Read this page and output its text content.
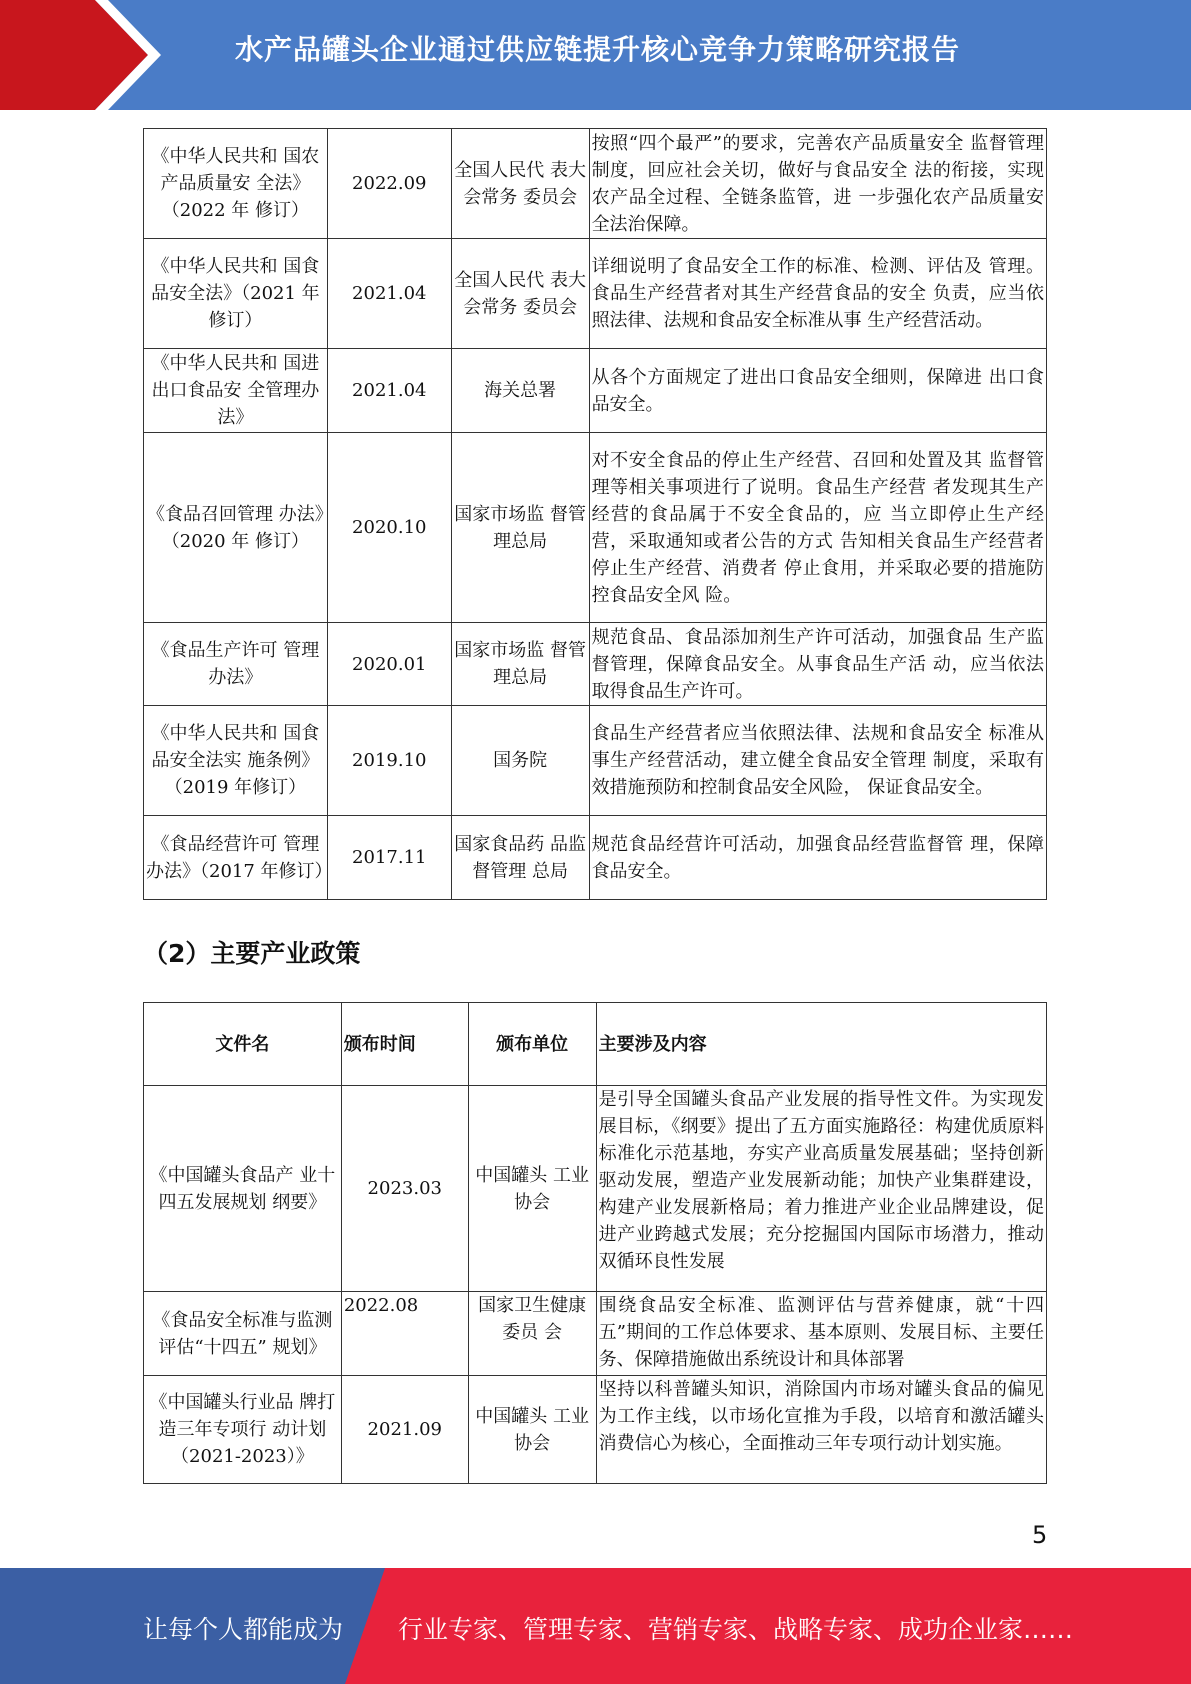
水产品罐头企业通过供应链提升核心竞争力策略研究报告
《中华人民共和 国农产品质量安 全法》（2022 年 修订）	2022.09	全国人民代 表大会常务 委员会	按照“四个最严”的要求，完善农产品质量安全 监督管理制度，回应社会关切，做好与食品安全 法的衔接，实现农产品全过程、全链条监管，进 一步强化农产品质量安全法治保障。
《中华人民共和 国食品安全法》（2021 年修订）	2021.04	全国人民代 表大会常务 委员会	详细说明了食品安全工作的标准、检测、评估及 管理。食品生产经营者对其生产经营食品的安全 负责，应当依照法律、法规和食品安全标准从事 生产经营活动。
《中华人民共和 国进出口食品安 全管理办法》	2021.04	海关总署	从各个方面规定了进出口食品安全细则，保障进 出口食品安全。
《食品召回管理 办法》（2020 年 修订）	2020.10	国家市场监 督管理总局	对不安全食品的停止生产经营、召回和处置及其 监督管理等相关事项进行了说明。食品生产经营 者发现其生产经营的食品属于不安全食品的，应 当立即停止生产经营，采取通知或者公告的方式 告知相关食品生产经营者停止生产经营、消费者 停止食用，并采取必要的措施防控食品安全风 险。
《食品生产许可 管理办法》	2020.01	国家市场监 督管理总局	规范食品、食品添加剂生产许可活动，加强食品 生产监督管理，保障食品安全。从事食品生产活 动，应当依法取得食品生产许可。
《中华人民共和 国食品安全法实 施条例》（2019 年修订）	2019.10	国务院	食品生产经营者应当依照法律、法规和食品安全 标准从事生产经营活动，建立健全食品安全管理 制度，采取有效措施预防和控制食品安全风险， 保证食品安全。
《食品经营许可 管理办法》（2017 年修订）	2017.11	国家食品药 品监督管理 总局	规范食品经营许可活动，加强食品经营监督管 理，保障食品安全。
（2）主要产业政策
文件名	颁布时间	颁布单位	主要涉及内容
《中国罐头食品产 业十四五发展规划 纲要》	2023.03	中国罐头 工业协会	是引导全国罐头食品产业发展的指导性文件。为实现发展目标，《纲要》提出了五方面实施路径：构建优质原料标准化示范基地，夯实产业高质量发展基础；坚持创新驱动发展，塑造产业发展新动能；加快产业集群建设，构建产业发展新格局；着力推进产业企业品牌建设，促进产业跨越式发展；充分挖掘国内国际市场潜力，推动双循环良性发展

《食品安全标准与监测评估“十四五” 规划》	2022.08	国家卫生健康委员 会	围绕食品安全标准、监测评估与营养健康，就“十四五”期间的工作总体要求、基本原则、发展目标、主要任务、保障措施做出系统设计和具体部署

《中国罐头行业品 牌打造三年专项行 动计划（2021-2023）》	2021.09	中国罐头 工业协会	坚持以科普罐头知识，消除国内市场对罐头食品的偏见为工作主线，以市场化宣推为手段，以培育和激活罐头消费信心为核心，全面推动三年专项行动计划实施。
5
让每个人都能成为 行业专家、管理专家、营销专家、战略专家、成功企业家……
